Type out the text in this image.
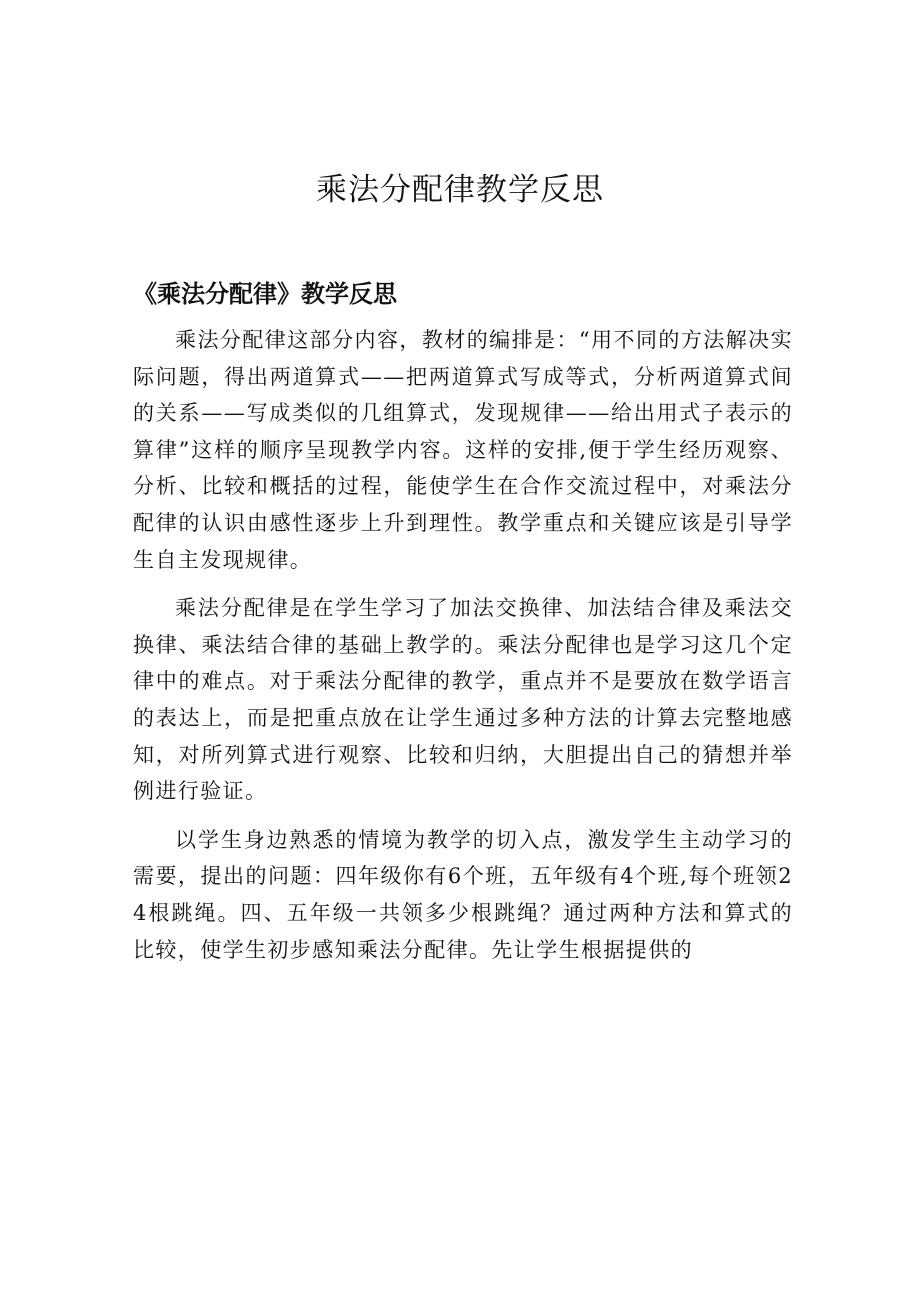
乘法分配律教学反思
《乘法分配律》教学反思

乘法分配律这部分内容，教材的编排是：“用不同的方法解决实际问题，得出两道算式——把两道算式写成等式，分析两道算式间的关系——写成类似的几组算式，发现规律——给出用式子表示的算律”这样的顺序呈现教学内容。这样的安排,便于学生经历观察、分析、比较和概括的过程，能使学生在合作交流过程中，对乘法分配律的认识由感性逐步上升到理性。教学重点和关键应该是引导学生自主发现规律。

乘法分配律是在学生学习了加法交换律、加法结合律及乘法交换律、乘法结合律的基础上教学的。乘法分配律也是学习这几个定律中的难点。对于乘法分配律的教学，重点并不是要放在数学语言的表达上，而是把重点放在让学生通过多种方法的计算去完整地感知，对所列算式进行观察、比较和归纳，大胆提出自己的猜想并举例进行验证。

以学生身边熟悉的情境为教学的切入点，激发学生主动学习的需要，提出的问题：四年级你有6个班，五年级有4个班,每个班领24根跳绳。四、五年级一共领多少根跳绳？通过两种方法和算式的比较，使学生初步感知乘法分配律。先让学生根据提供的
